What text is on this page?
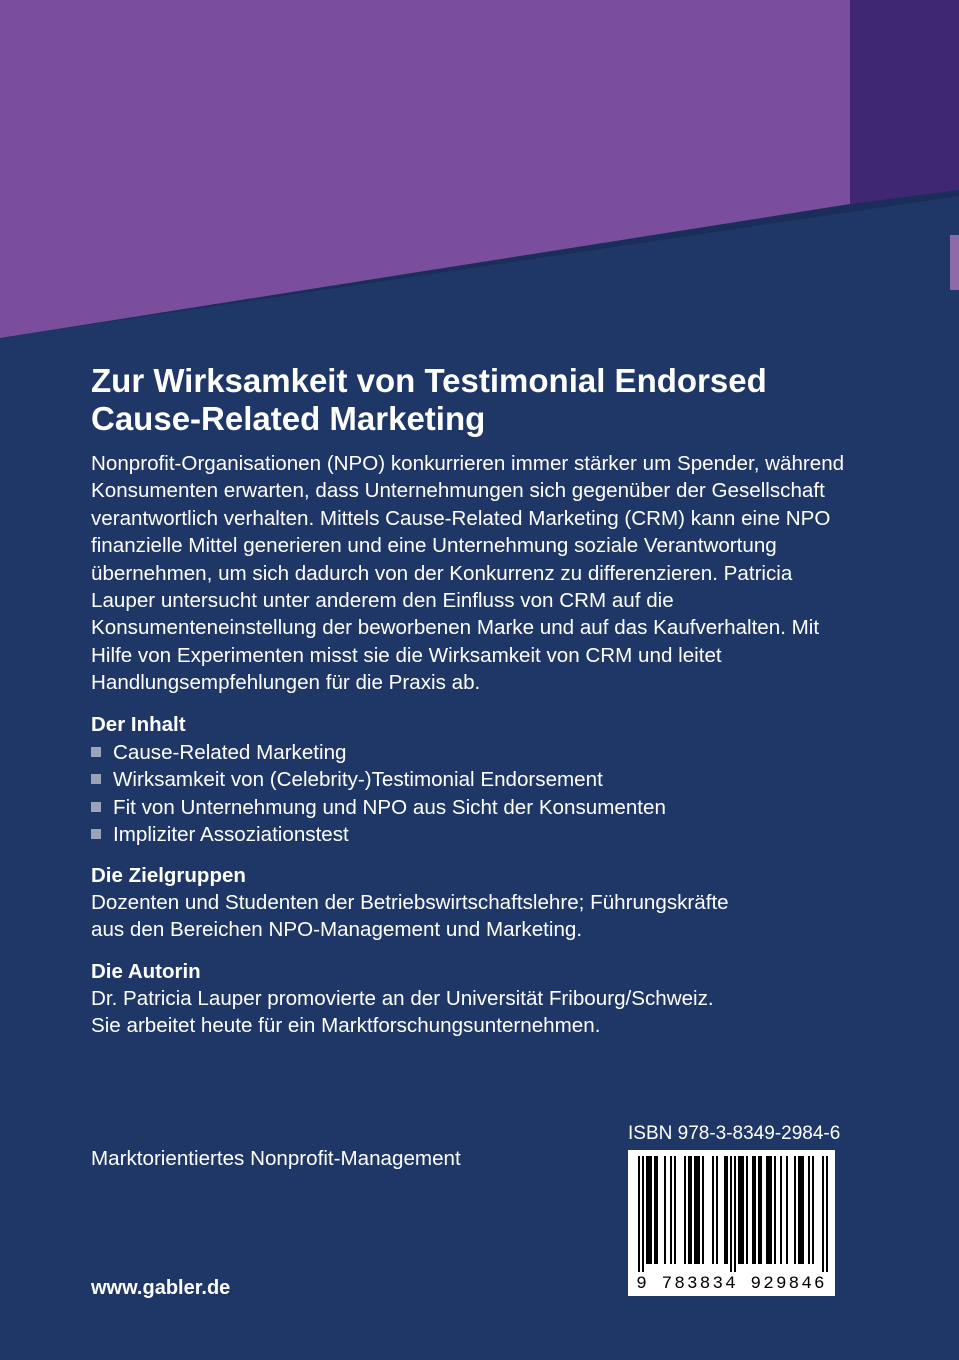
Zur Wirksamkeit von Testimonial Endorsed
Cause-Related Marketing

Nonprofit-Organisationen (NPO) konkurrieren immer stärker um Spender, während Konsumenten erwarten, dass Unternehmungen sich gegenüber der Gesellschaft verantwortlich verhalten. Mittels Cause-Related Marketing (CRM) kann eine NPO finanzielle Mittel generieren und eine Unternehmung soziale Verantwortung übernehmen, um sich dadurch von der Konkurrenz zu differenzieren. Patricia Lauper untersucht unter anderem den Einfluss von CRM auf die Konsumenteneinstellung der beworbenen Marke und auf das Kaufverhalten. Mit Hilfe von Experimenten misst sie die Wirksamkeit von CRM und leitet Handlungsempfehlungen für die Praxis ab.

Der Inhalt
Cause-Related Marketing
Wirksamkeit von (Celebrity-)Testimonial Endorsement
Fit von Unternehmung und NPO aus Sicht der Konsumenten
Impliziter Assoziationstest
Die Zielgruppen

Dozenten und Studenten der Betriebswirtschaftslehre; Führungskräfte
aus den Bereichen NPO-Management und Marketing.

Die Autorin

Dr. Patricia Lauper promovierte an der Universität Fribourg/Schweiz.
Sie arbeitet heute für ein Marktforschungsunternehmen.

Marktorientiertes Nonprofit-Management
www.gabler.de
ISBN 978-3-8349-2984-6
9 783834 929846
